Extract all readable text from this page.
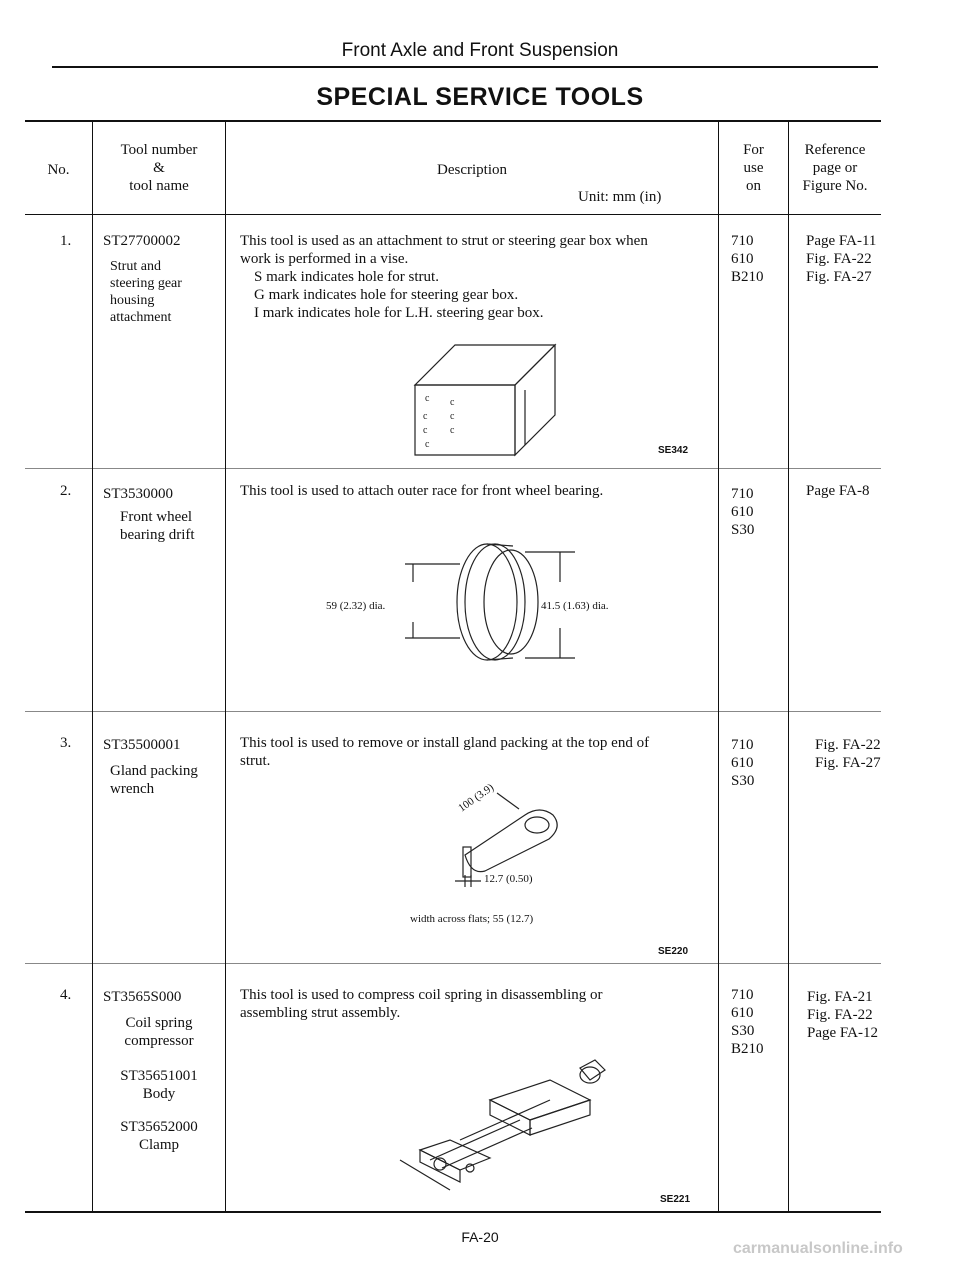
Front Axle and Front Suspension
SPECIAL SERVICE TOOLS
No.
Tool number
&
tool name
Description
Unit: mm (in)
For
use
on
Reference
page or
Figure No.
1. ST27700002
Strut and
steering gear
housing
attachment
This tool is used as an attachment to strut or steering gear box when
work is performed in a vise.
S mark indicates hole for strut.
G mark indicates hole for steering gear box.
I mark indicates hole for L.H. steering gear box.
c c
c c
c c
c
SE342
710
610
B210
Page FA-11
Fig. FA-22
Fig. FA-27
2. ST3530000
Front wheel
bearing drift
This tool is used to attach outer race for front wheel bearing.
59 (2.32) dia.	41.5 (1.63) dia.
710
610
S30
Page FA-8
3. ST35500001
Gland packing
wrench
This tool is used to remove or install gland packing at the top end of
strut.
100 (3.9)
12.7 (0.50)
width across flats; 55 (12.7)
SE220
710
610
S30
Fig. FA-22
Fig. FA-27
4. ST3565S000
Coil spring
compressor
ST35651001
Body
ST35652000
Clamp
This tool is used to compress coil spring in disassembling or
assembling strut assembly.
SE221
710
610
S30
B210
Fig. FA-21
Fig. FA-22
Page FA-12
FA-20
carmanualsonline.info
